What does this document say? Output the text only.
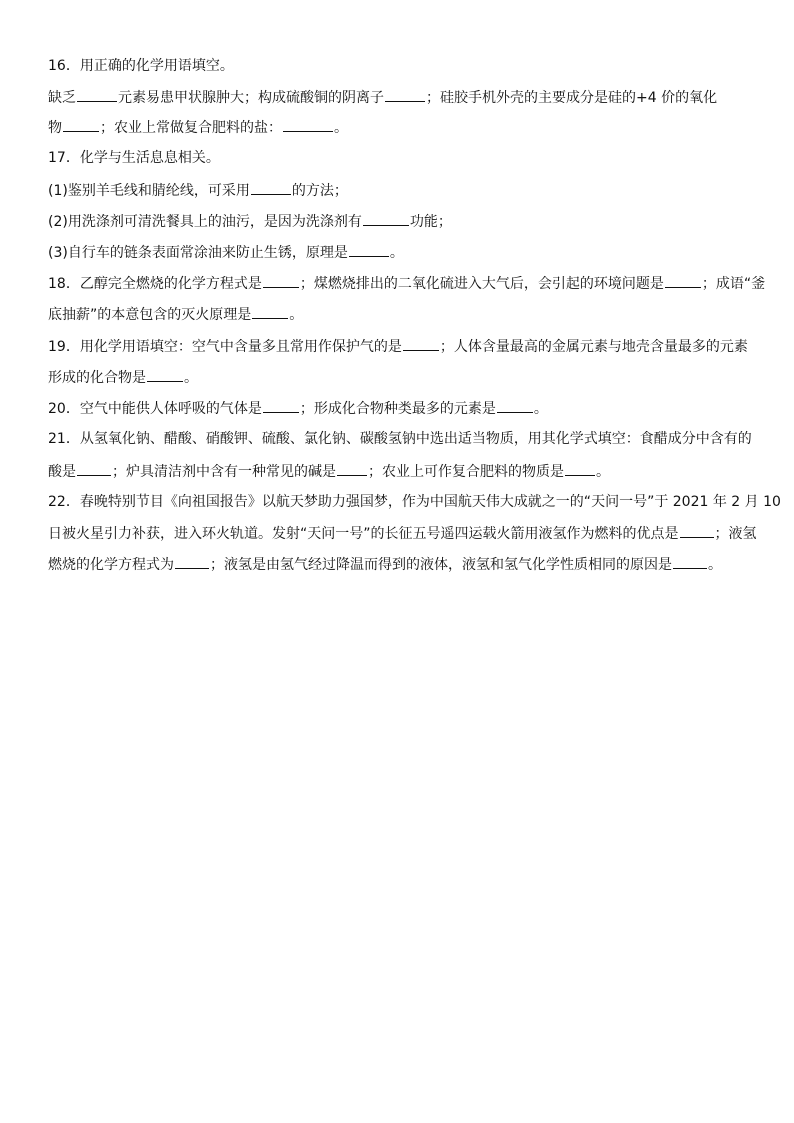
16．用正确的化学用语填空。
缺乏	元素易患甲状腺肿大；构成硫酸铜的阴离子	；硅胶手机外壳的主要成分是硅的+4 价的氧化
物	；农业上常做复合肥料的盐：	。
17．化学与生活息息相关。
(1)鉴别羊毛线和腈纶线，可采用	的方法；
(2)用洗涤剂可清洗餐具上的油污，是因为洗涤剂有	功能；
(3)自行车的链条表面常涂油来防止生锈，原理是	。
18．乙醇完全燃烧的化学方程式是	；煤燃烧排出的二氧化硫进入大气后，会引起的环境问题是	；成语“釜
底抽薪”的本意包含的灭火原理是	。
19．用化学用语填空：空气中含量多且常用作保护气的是	；人体含量最高的金属元素与地壳含量最多的元素
形成的化合物是	。
20．空气中能供人体呼吸的气体是	；形成化合物种类最多的元素是	。
21．从氢氧化钠、醋酸、硝酸钾、硫酸、氯化钠、碳酸氢钠中选出适当物质，用其化学式填空：食醋成分中含有的
酸是	；炉具清洁剂中含有一种常见的碱是 ；农业上可作复合肥料的物质是 。
22．春晚特别节目《向祖国报告》以航天梦助力强国梦，作为中国航天伟大成就之一的“天问一号”于 2021 年 2 月 10
日被火星引力补获，进入环火轨道。发射“天问一号”的长征五号遥四运载火箭用液氢作为燃料的优点是	；液氢
燃烧的化学方程式为	；液氢是由氢气经过降温而得到的液体，液氢和氢气化学性质相同的原因是	。
